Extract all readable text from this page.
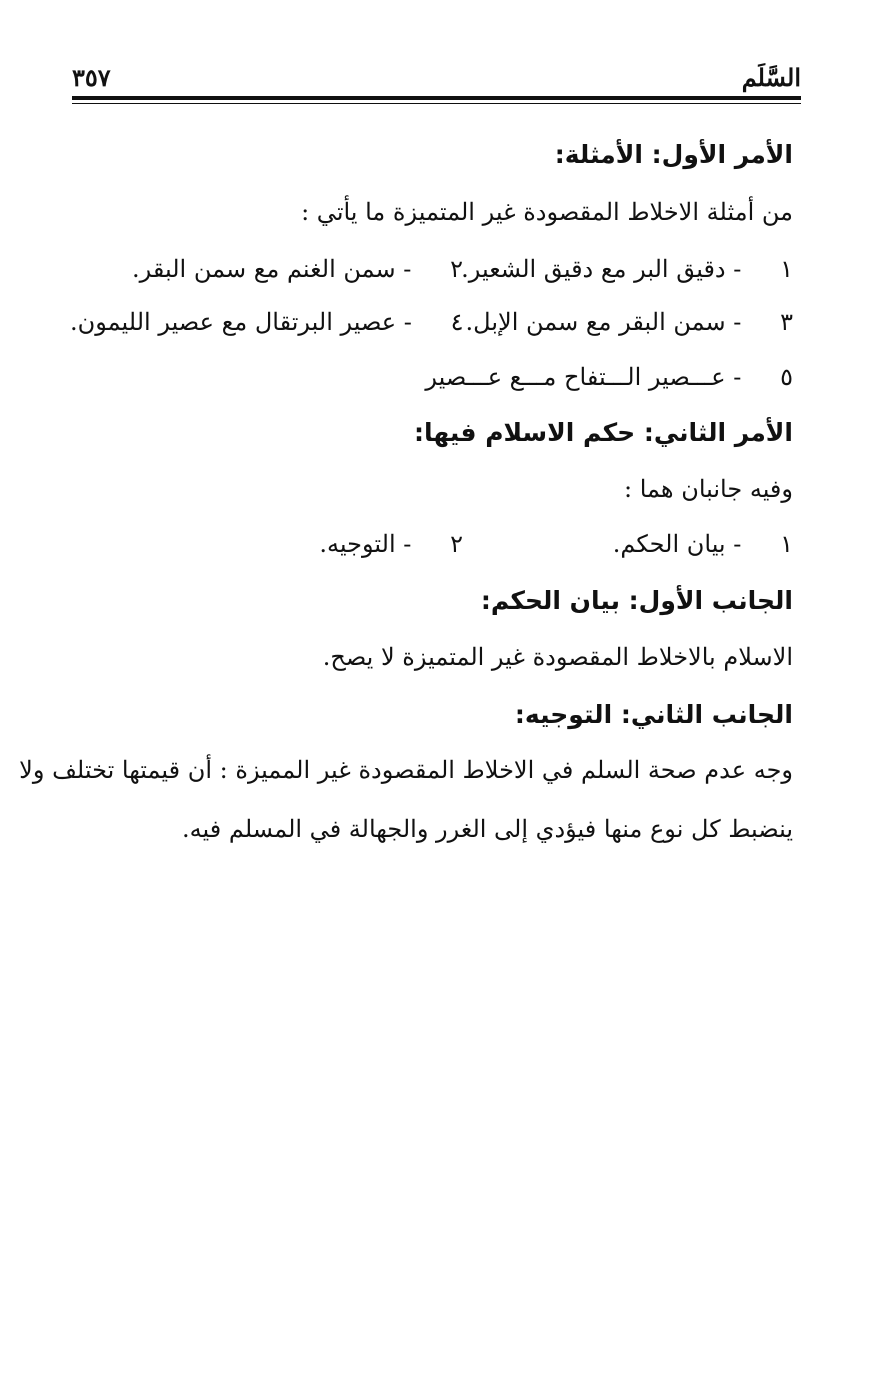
السَّلَم
٣٥٧
الأمر الأول: الأمثلة:
من أمثلة الاخلاط المقصودة غير المتميزة ما يأتي :
١ - دقيق البر مع دقيق الشعير.
٢ - سمن الغنم مع سمن البقر.
٣ - سمن البقر مع سمن الإبل.
٤ - عصير البرتقال مع عصير الليمون.
٥ - عـــصير الـــتفاح مـــع عـــصير
الأمر الثاني: حكم الاسلام فيها:
وفيه جانبان هما :
١ - بيان الحكم.
٢ - التوجيه.
الجانب الأول: بيان الحكم:
الاسلام بالاخلاط المقصودة غير المتميزة لا يصح.
الجانب الثاني: التوجيه:
وجه عدم صحة السلم في الاخلاط المقصودة غير المميزة : أن قيمتها تختلف ولا
ينضبط كل نوع منها فيؤدي إلى الغرر والجهالة في المسلم فيه.
